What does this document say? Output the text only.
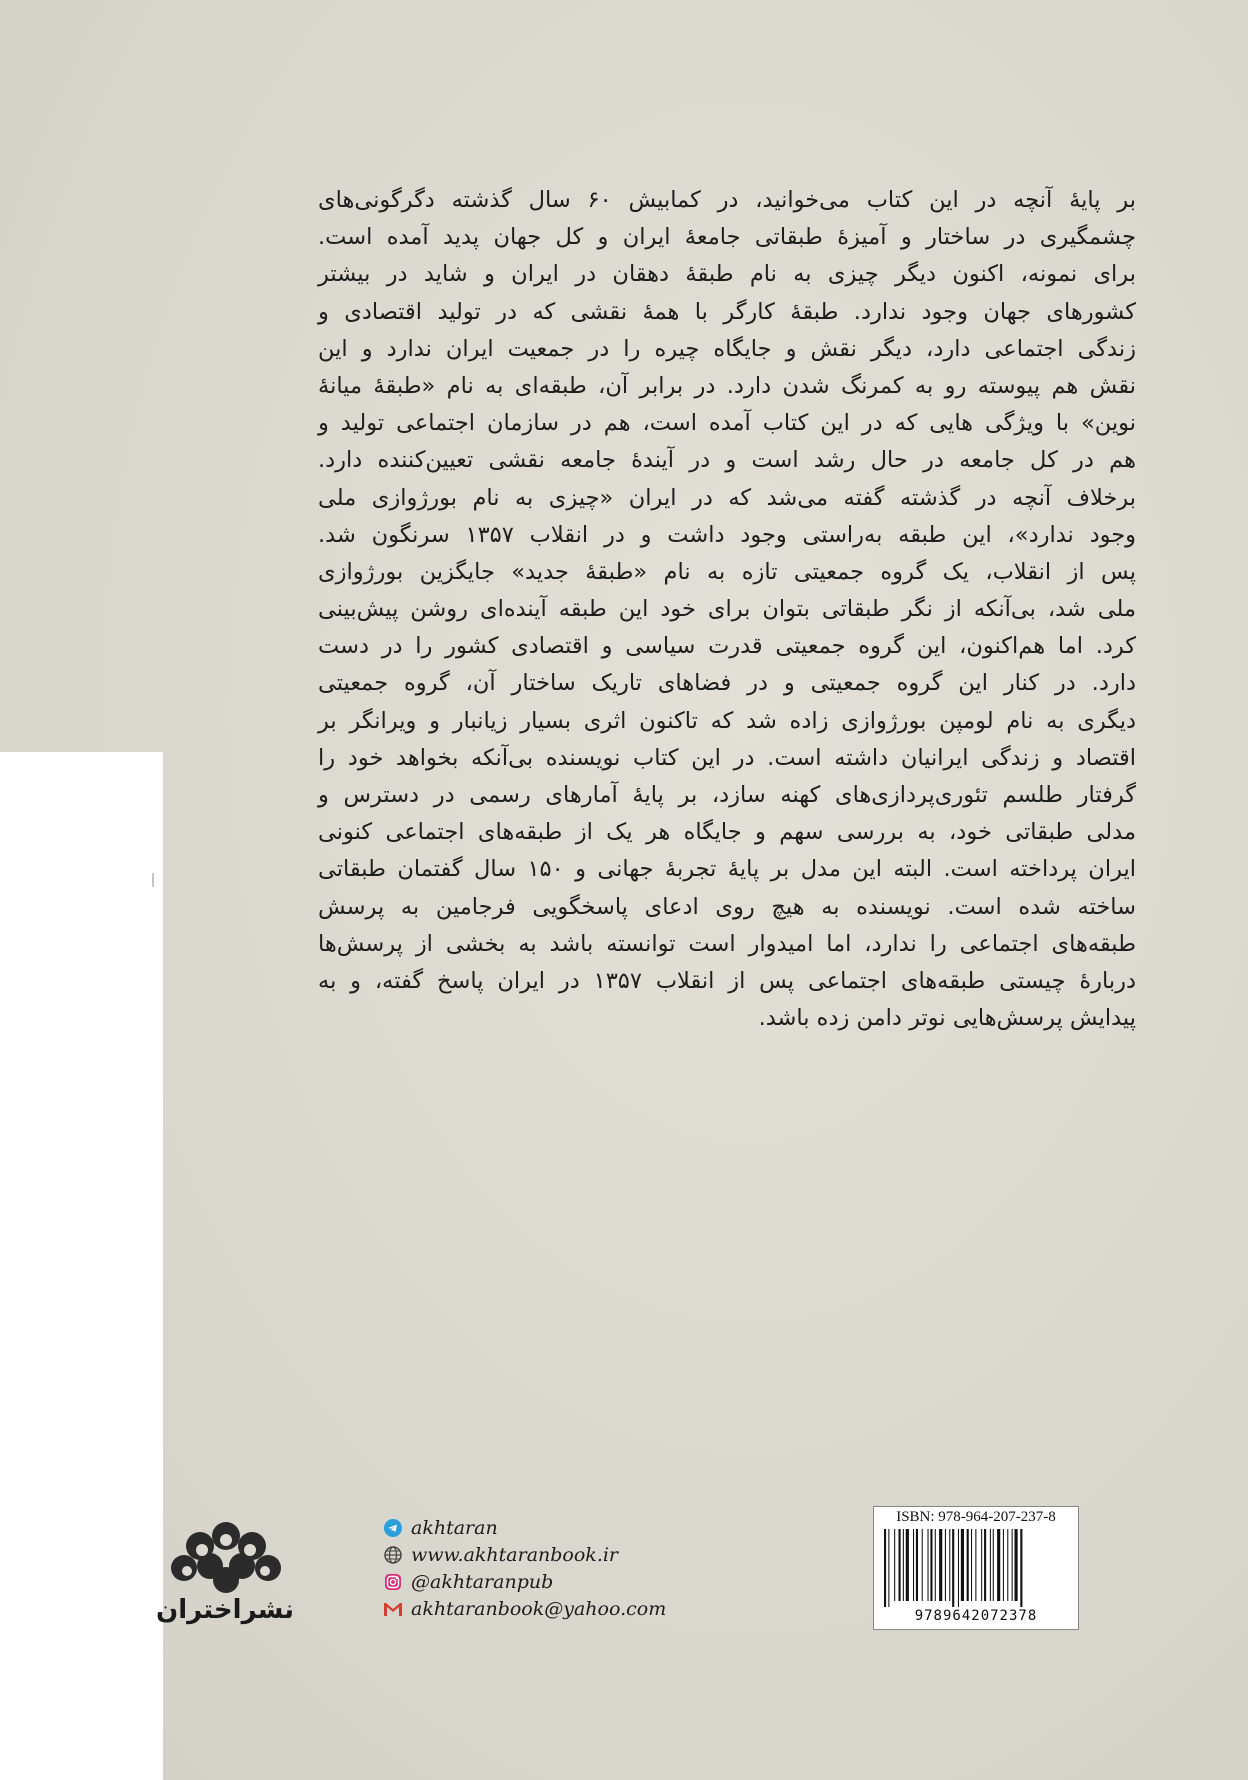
بر پایهٔ آنچه در این کتاب می‌خوانید، در کمابیش ۶۰ سال گذشته دگرگونی‌های
چشمگیری در ساختار و آمیزهٔ طبقاتی جامعهٔ ایران و کل جهان پدید آمده است.
برای نمونه، اکنون دیگر چیزی به نام طبقهٔ دهقان در ایران و شاید در بیشتر
کشورهای جهان وجود ندارد. طبقهٔ کارگر با همهٔ نقشی که در تولید اقتصادی و
زندگی اجتماعی دارد، دیگر نقش و جایگاه چیره را در جمعیت ایران ندارد و این
نقش هم پیوسته رو به کمرنگ شدن دارد. در برابر آن، طبقه‌ای به نام «طبقهٔ میانهٔ
نوین» با ویژگی هایی که در این کتاب آمده است، هم در سازمان اجتماعی تولید و
هم در کل جامعه در حال رشد است و در آیندهٔ جامعه نقشی تعیین‌کننده دارد.
برخلاف آنچه در گذشته گفته می‌شد که در ایران «چیزی به نام بورژوازی ملی
وجود ندارد»، این طبقه به‌راستی وجود داشت و در انقلاب ۱۳۵۷ سرنگون شد.
پس از انقلاب، یک گروه جمعیتی تازه به نام «طبقهٔ جدید» جایگزین بورژوازی
ملی شد، بی‌آنکه از نگر طبقاتی بتوان برای خود این طبقه آینده‌ای روشن پیش‌بینی
کرد. اما هم‌اکنون، این گروه جمعیتی قدرت سیاسی و اقتصادی کشور را در دست
دارد. در کنار این گروه جمعیتی و در فضاهای تاریک ساختار آن، گروه جمعیتی
دیگری به نام لومپن بورژوازی زاده شد که تاکنون اثری بسیار زیانبار و ویرانگر بر
اقتصاد و زندگی ایرانیان داشته است. در این کتاب نویسنده بی‌آنکه بخواهد خود را
گرفتار طلسم تئوری‌پردازی‌های کهنه سازد، بر پایهٔ آمارهای رسمی در دسترس و
مدلی طبقاتی خود، به بررسی سهم و جایگاه هر یک از طبقه‌های اجتماعی کنونی
ایران پرداخته است. البته این مدل بر پایهٔ تجربهٔ جهانی و ۱۵۰ سال گفتمان طبقاتی
ساخته شده است. نویسنده به هیچ روی ادعای پاسخگویی فرجامین به پرسش
طبقه‌های اجتماعی را ندارد، اما امیدوار است توانسته باشد به بخشی از پرسش‌ها
دربارهٔ چیستی طبقه‌های اجتماعی پس از انقلاب ۱۳۵۷ در ایران پاسخ گفته، و به
پیدایش پرسش‌هایی نوتر دامن زده باشد.
نشراختران
akhtaran
www.akhtaranbook.ir
@akhtaranpub
akhtaranbook@yahoo.com
ISBN: 978-964-207-237-8
9789642072378
